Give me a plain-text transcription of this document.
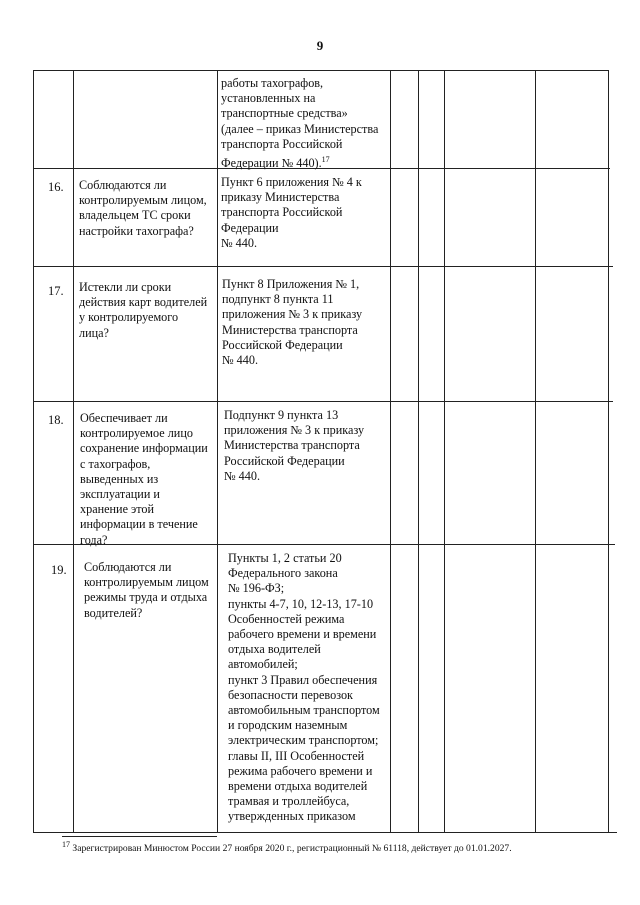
9
работы тахографов,
установленных на
транспортные средства»
(далее – приказ Министерства
транспорта Российской
Федерации № 440).$^{17}$
16. Соблюдаются ли
контролируемым лицом,
владельцем ТС сроки
настройки тахографа?
Пункт 6 приложения № 4 к
приказу Министерства
транспорта Российской
Федерации
№ 440.
17. Истекли ли сроки
действия карт водителей
у контролируемого
лица?
Пункт 8 Приложения № 1,
подпункт 8 пункта 11
приложения № 3 к приказу
Министерства транспорта
Российской Федерации
№ 440.
18. Обеспечивает ли
контролируемое лицо
сохранение информации
с тахографов,
выведенных из
эксплуатации и
хранение этой
информации в течение
года?
Подпункт 9 пункта 13
приложения № 3 к приказу
Министерства транспорта
Российской Федерации
№ 440.
19. Соблюдаются ли
контролируемым лицом
режимы труда и отдыха
водителей?
Пункты 1, 2 статьи 20
Федерального закона
№ 196-ФЗ;
пункты 4-7, 10, 12-13, 17-10
Особенностей режима
рабочего времени и времени
отдыха водителей
автомобилей;
пункт 3 Правил обеспечения
безопасности перевозок
автомобильным транспортом
и городским наземным
электрическим транспортом;
главы II, III Особенностей
режима рабочего времени и
времени отдыха водителей
трамвая и троллейбуса,
утвержденных приказом
$^{17}$ Зарегистрирован Минюстом России 27 ноября 2020 г., регистрационный № 61118, действует до 01.01.2027.
